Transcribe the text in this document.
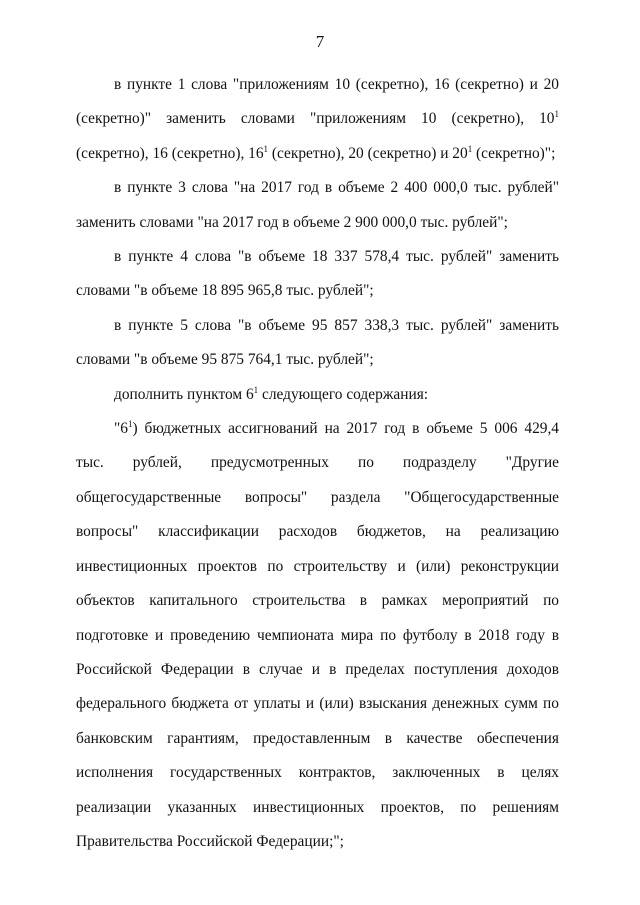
7

в пункте 1 слова "приложениям 10 (секретно), 16 (секретно) и 20 (секретно)" заменить словами "приложениям 10 (секретно), $10^1$ (секретно), 16 (секретно), $16^1$ (секретно), 20 (секретно) и $20^1$ (секретно)";

в пункте 3 слова "на 2017 год в объеме 2 400 000,0 тыс. рублей" заменить словами "на 2017 год в объеме 2 900 000,0 тыс. рублей";

в пункте 4 слова "в объеме 18 337 578,4 тыс. рублей" заменить словами "в объеме 18 895 965,8 тыс. рублей";

в пункте 5 слова "в объеме 95 857 338,3 тыс. рублей" заменить словами "в объеме 95 875 764,1 тыс. рублей";

дополнить пунктом $6^1$ следующего содержания:

"$6^1$) бюджетных ассигнований на 2017 год в объеме 5 006 429,4 тыс. рублей, предусмотренных по подразделу "Другие общегосударственные вопросы" раздела "Общегосударственные вопросы" классификации расходов бюджетов, на реализацию инвестиционных проектов по строительству и (или) реконструкции объектов капитального строительства в рамках мероприятий по подготовке и проведению чемпионата мира по футболу в 2018 году в Российской Федерации в случае и в пределах поступления доходов федерального бюджета от уплаты и (или) взыскания денежных сумм по банковским гарантиям, предоставленным в качестве обеспечения исполнения государственных контрактов, заключенных в целях реализации указанных инвестиционных проектов, по решениям Правительства Российской Федерации;";
